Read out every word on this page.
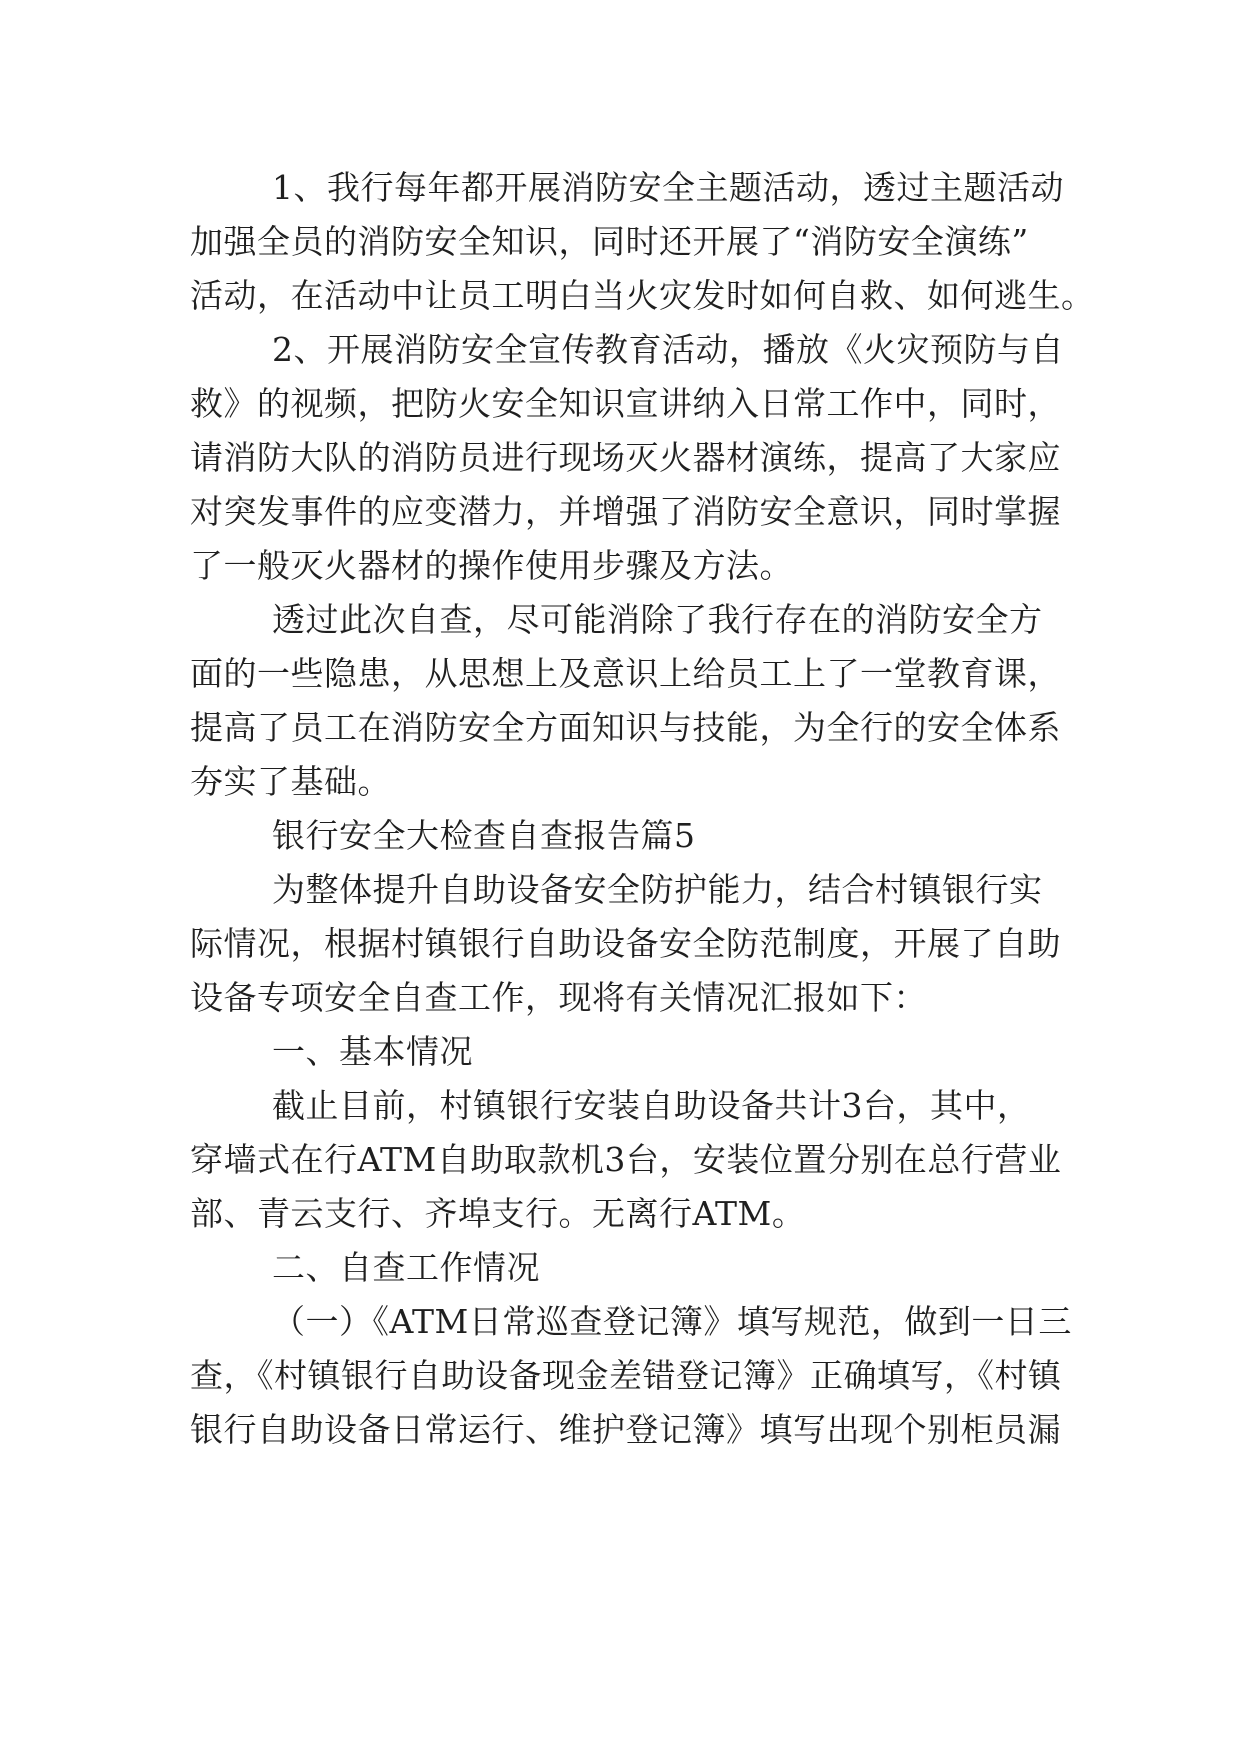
1、我行每年都开展消防安全主题活动，透过主题活动
加强全员的消防安全知识，同时还开展了“消防安全演练”
活动，在活动中让员工明白当火灾发时如何自救、如何逃生。
2、开展消防安全宣传教育活动，播放《火灾预防与自
救》的视频，把防火安全知识宣讲纳入日常工作中，同时，
请消防大队的消防员进行现场灭火器材演练，提高了大家应
对突发事件的应变潜力，并增强了消防安全意识，同时掌握
了一般灭火器材的操作使用步骤及方法。
透过此次自查，尽可能消除了我行存在的消防安全方
面的一些隐患，从思想上及意识上给员工上了一堂教育课，
提高了员工在消防安全方面知识与技能，为全行的安全体系
夯实了基础。
银行安全大检查自查报告篇5
为整体提升自助设备安全防护能力，结合村镇银行实
际情况，根据村镇银行自助设备安全防范制度，开展了自助
设备专项安全自查工作，现将有关情况汇报如下：
一、基本情况
截止目前，村镇银行安装自助设备共计3台，其中，
穿墙式在行ATM自助取款机3台，安装位置分别在总行营业
部、青云支行、齐埠支行。无离行ATM。
二、自查工作情况
（一）《ATM日常巡查登记簿》填写规范，做到一日三
查，《村镇银行自助设备现金差错登记簿》正确填写，《村镇
银行自助设备日常运行、维护登记簿》填写出现个别柜员漏
